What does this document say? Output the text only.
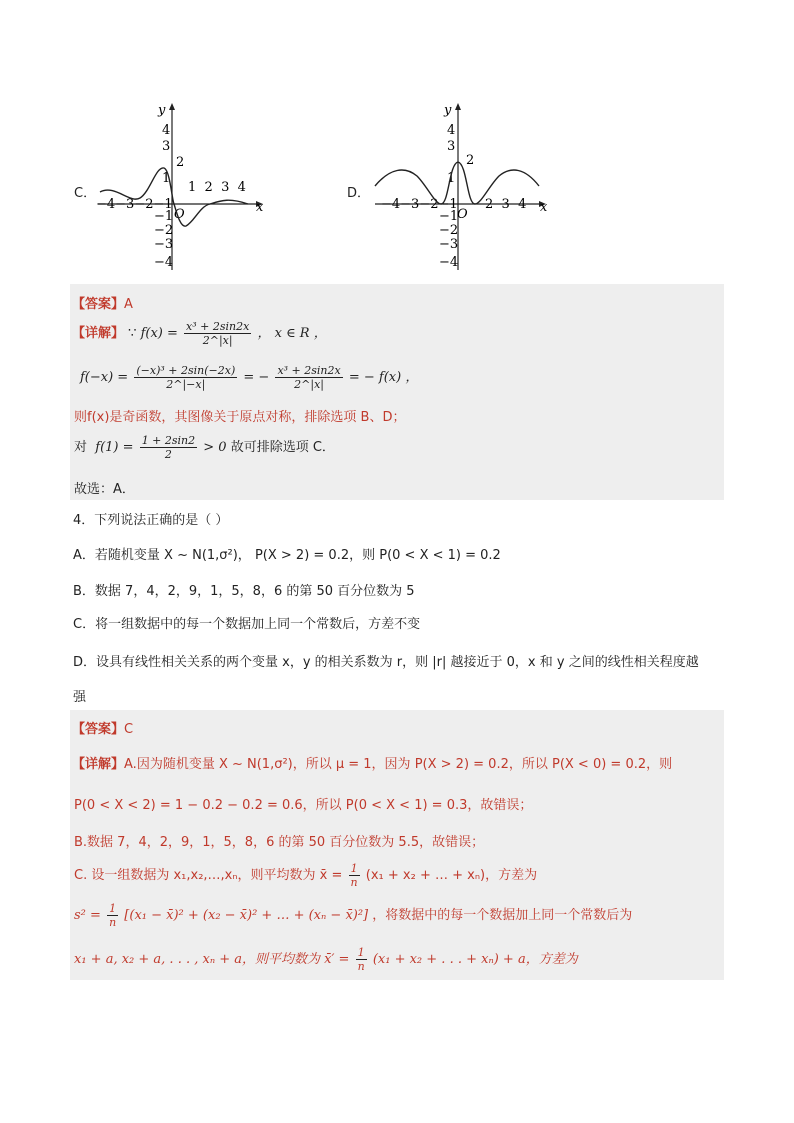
C．
y
x
4
3
2
1
−1
−2
−3
−4
−4−3−2−1
1  2  3  4
O
D．
y
x
4
3
2
1
−1
−2
−3
−4
−4−3−2−1
O
2  3  4
【答案】A
【详解】 ∵ $f(x) = \frac{\text{x³ + 2sin2x}}{2\^{}|x|}$ ， x ∈ R ，
$f(-x) = \frac{\text{(−x)³ + 2sin(−2x)}}{2\^{}|-x|}$ = − $\frac{\text{x³ + 2sin2x}}{2\^{}|x|}$ = − f(x) ，
则f(x)是奇函数，其图像关于原点对称，排除选项 B、D；
对 $f(1) = \frac{1 + 2\sin 2}{2} > 0$ 故可排除选项 C．
故选：A．
4．下列说法正确的是（ ）
A．若随机变量 X ~ N(1,σ²)， P(X > 2) = 0.2，则 P(0 < X < 1) = 0.2
B．数据 7，4，2，9，1，5，8，6 的第 50 百分位数为 5
C．将一组数据中的每一个数据加上同一个常数后，方差不变
D．设具有线性相关关系的两个变量 x，y 的相关系数为 r，则 |r| 越接近于 0，x 和 y 之间的线性相关程度越
强
【答案】C
【详解】A.因为随机变量 X ~ N(1,σ²)，所以 μ = 1，因为 P(X > 2) = 0.2，所以 P(X < 0) = 0.2，则
P(0 < X < 2) = 1 − 0.2 − 0.2 = 0.6，所以 P(0 < X < 1) = 0.3，故错误；
B.数据 7，4，2，9，1，5，8，6 的第 50 百分位数为 5.5，故错误；
C. 设一组数据为 x₁,x₂,…,xₙ，则平均数为 x̄ = $\frac{1}{n} (x_1 + x_2$ + … + xₙ)，方差为
$s^2 = \frac{1}{n} [(x_1$ − x̄)² + (x₂ − x̄)² + … + (xₙ − x̄)²] ，将数据中的每一个数据加上同一个常数后为
x₁ + a, x₂ + a, . . . , xₙ + a，则平均数为 x̄′ = $\frac{1}{n} (x_1 + x_2$ + . . . + xₙ) + a，方差为
